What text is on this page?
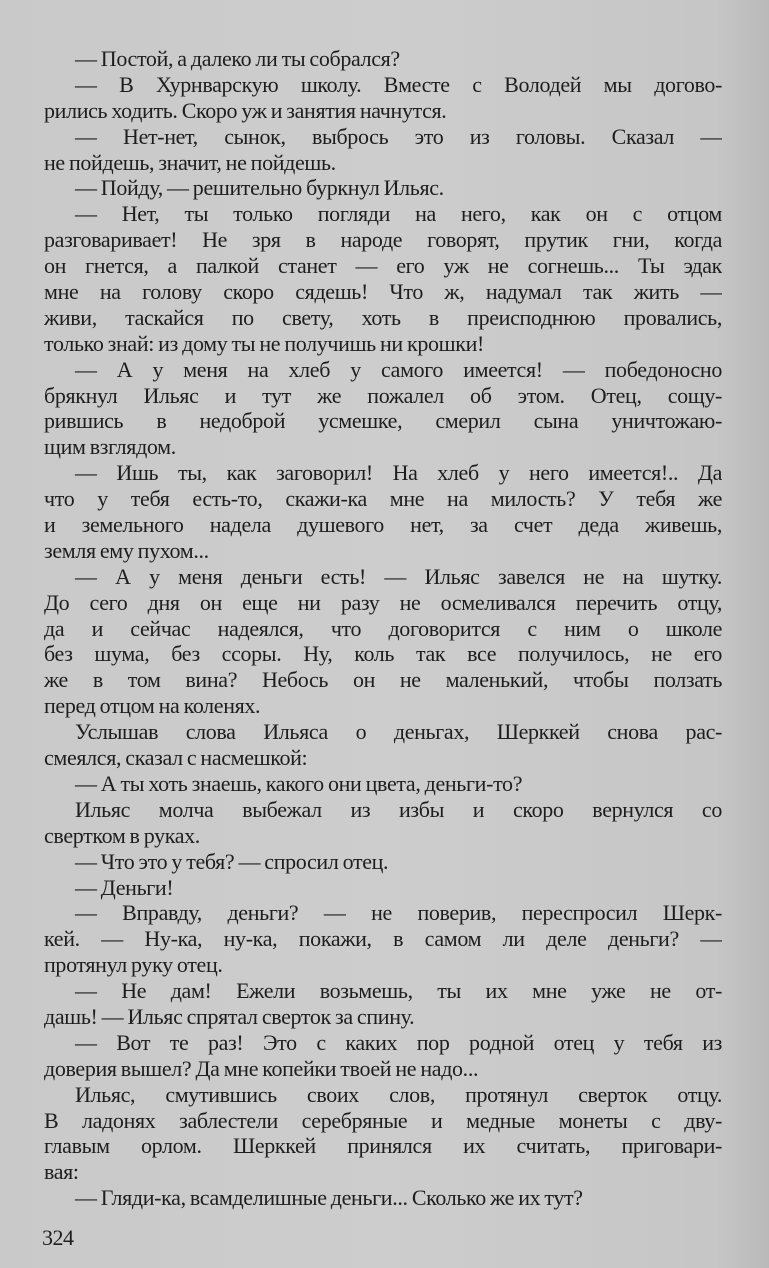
— Постой, а далеко ли ты собрался?
— В Хурнварскую школу. Вместе с Володей мы догово-
рились ходить. Скоро уж и занятия начнутся.
— Нет-нет, сынок, выбрось это из головы. Сказал —
не пойдешь, значит, не пойдешь.
— Пойду, — решительно буркнул Ильяс.
— Нет, ты только погляди на него, как он с отцом
разговаривает! Не зря в народе говорят, прутик гни, когда
он гнется, а палкой станет — его уж не согнешь... Ты эдак
мне на голову скоро сядешь! Что ж, надумал так жить —
живи, таскайся по свету, хоть в преисподнюю провались,
только знай: из дому ты не получишь ни крошки!
— А у меня на хлеб у самого имеется! — победоносно
брякнул Ильяс и тут же пожалел об этом. Отец, сощу-
рившись в недоброй усмешке, смерил сына уничтожаю-
щим взглядом.
— Ишь ты, как заговорил! На хлеб у него имеется!.. Да
что у тебя есть-то, скажи-ка мне на милость? У тебя же
и земельного надела душевого нет, за счет деда живешь,
земля ему пухом...
— А у меня деньги есть! — Ильяс завелся не на шутку.
До сего дня он еще ни разу не осмеливался перечить отцу,
да и сейчас надеялся, что договорится с ним о школе
без шума, без ссоры. Ну, коль так все получилось, не его
же в том вина? Небось он не маленький, чтобы ползать
перед отцом на коленях.
Услышав слова Ильяса о деньгах, Шерккей снова рас-
смеялся, сказал с насмешкой:
— А ты хоть знаешь, какого они цвета, деньги-то?
Ильяс молча выбежал из избы и скоро вернулся со
свертком в руках.
— Что это у тебя? — спросил отец.
— Деньги!
— Вправду, деньги? — не поверив, переспросил Шерк-
кей. — Ну-ка, ну-ка, покажи, в самом ли деле деньги? —
протянул руку отец.
— Не дам! Ежели возьмешь, ты их мне уже не от-
дашь! — Ильяс спрятал сверток за спину.
— Вот те раз! Это с каких пор родной отец у тебя из
доверия вышел? Да мне копейки твоей не надо...
Ильяс, смутившись своих слов, протянул сверток отцу.
В ладонях заблестели серебряные и медные монеты с дву-
главым орлом. Шерккей принялся их считать, приговари-
вая:
— Гляди-ка, всамделишные деньги... Сколько же их тут?
324
